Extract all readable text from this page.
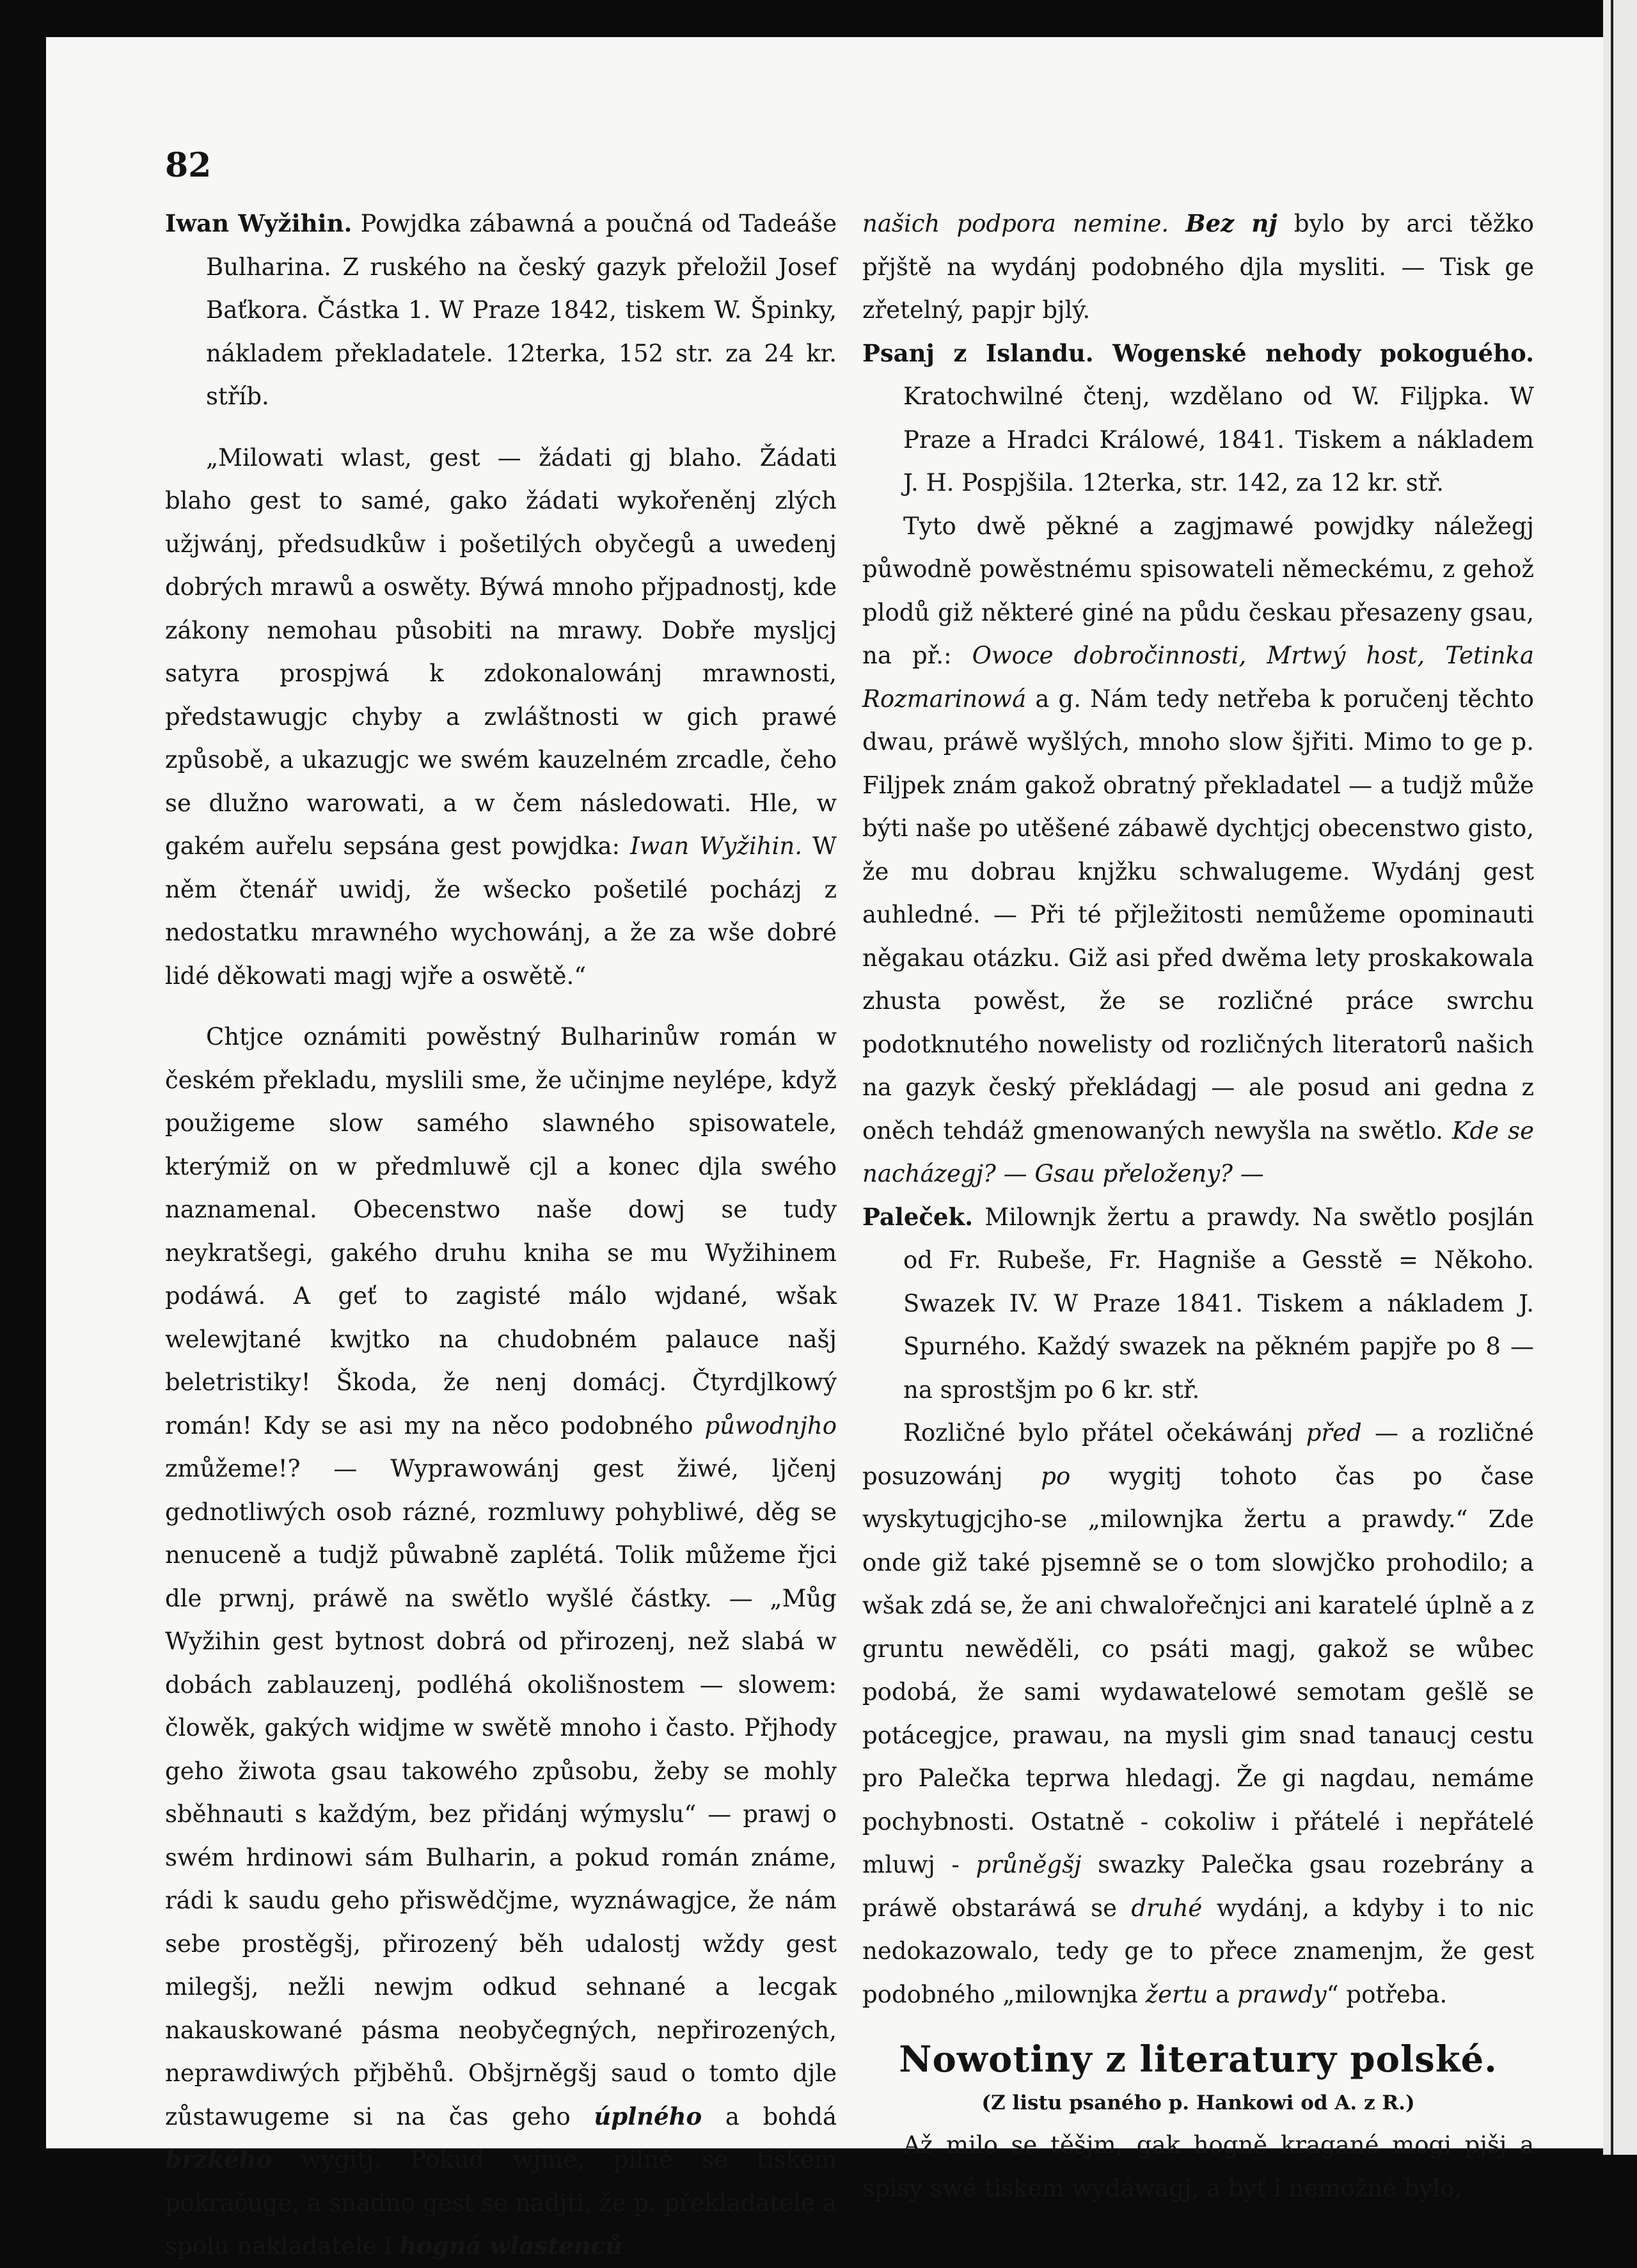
82

Iwan Wyžihin. Powjdka zábawná a poučná od Tadeáše Bulharina. Z ruského na český gazyk přeložil Josef Baťkora. Částka 1. W Praze 1842, tiskem W. Špinky, nákladem překladatele. 12terka, 152 str. za 24 kr. stříb.

„Milowati wlast, gest — žádati gj blaho. Žádati blaho gest to samé, gako žádati wykořeněnj zlých užjwánj, předsudkůw i pošetilých obyčegů a uwedenj dobrých mrawů a oswěty. Býwá mnoho přjpadnostj, kde zákony nemohau působiti na mrawy. Dobře myslјcj satyra prospjwá k zdokonalowánj mrawnosti, předstawugjc chyby a zwláštnosti w gich prawé způsobě, a ukazugjc we swém kauzelném zrcadle, čeho se dlužno warowati, a w čem následowati. Hle, w gakém auřelu sepsána gest powjdka: Iwan Wyžihin. W něm čtenář uwidj, že wšecko pošetilé pocházj z nedostatku mrawného wychowánj, a že za wše dobré lidé děkowati magj wjře a oswětě.“

Chtjce oznámiti powěstný Bulharinůw román w českém překladu, myslili sme, že učinjme neylépe, když použigeme slow samého slawného spisowatele, kterýmiž on w předmluwě cjl a konec djla swého naznamenal. Obecenstwo naše dowj se tudy neykratšegi, gakého druhu kniha se mu Wyžihinem podáwá. A geť to zagisté málo wjdané, wšak welewjtané kwjtko na chudobném palauce našj beletristiky! Škoda, že nenj domácj. Čtyrdjlkowý román! Kdy se asi my na něco podobného půwodnjho zmůžeme!? — Wyprawowánj gest žiwé, ljčenj gednotliwých osob rázné, rozmluwy pohybliwé, děg se nenuceně a tudjž půwabně zaplétá. Tolik můžeme řjci dle prwnj, práwě na swětlo wyšlé částky. — „Můg Wyžihin gest bytnost dobrá od přirozenj, než slabá w dobách zablauzenj, podléhá okolišnostem — slowem: člowěk, gakých widjme w swětě mnoho i často. Přjhody geho žiwota gsau takowého způsobu, žeby se mohly sběhnauti s každým, bez přidánj wýmyslu“ — prawj o swém hrdinowi sám Bulharin, a pokud román známe, rádi k saudu geho přiswědčjme, wyznáwagjce, že nám sebe prostěgšj, přirozený běh udalostj wždy gest milegšj, nežli newjm odkud sehnané a lecgak nakauskowané pásma neobyčegných, nepřirozených, neprawdiwých přjběhů. Obšjrněgšj saud o tomto djle zůstawugeme si na čas geho úplného a bohdá brzkého wygitj. Pokud wjme, pilně se tiskem pokračuge, a snadno gest se nadjti, že p. překladatele a spolu nakladatele i hogná wlastenců

našich podpora nemine. Bez nj bylo by arci těžko přjště na wydánj podobného djla mysliti. — Tisk ge zřetelný, papjr bjlý.

Psanj z Islandu. Wogenské nehody pokoguého. Kratochwilné čtenj, wzdělano od W. Filjpka. W Praze a Hradci Králowé, 1841. Tiskem a nákladem J. H. Pospjšila. 12terka, str. 142, za 12 kr. stř.

Tyto dwě pěkné a zagjmawé powjdky náležegj půwodně powěstnému spisowateli německému, z gehož plodů giž některé giné na půdu českau přesazeny gsau, na př.: Owoce dobročinnosti, Mrtwý host, Tetinka Rozmarinowá a g. Nám tedy netřeba k poručenj těchto dwau, práwě wyšlých, mnoho slow šjřiti. Mimo to ge p. Filjpek znám gakož obratný překladatel — a tudjž může býti naše po utěšené zábawě dychtjcj obecenstwo gisto, že mu dobrau knjžku schwalugeme. Wydánj gest auhledné. — Při té přjležitosti nemůžeme opominauti něgakau otázku. Giž asi před dwěma lety proskakowala zhusta powěst, že se rozličné práce swrchu podotknutého nowelisty od rozličných literatorů našich na gazyk český překládagj — ale posud ani gedna z oněch tehdáž gmenowaných newyšla na swětlo. Kde se nacházegj? — Gsau přeloženy? —

Paleček. Milownjk žertu a prawdy. Na swětlo posjlán od Fr. Rubeše, Fr. Hagniše a Gesstě = Někoho. Swazek IV. W Praze 1841. Tiskem a nákladem J. Spurného. Každý swazek na pěkném papjře po 8 — na sprostšjm po 6 kr. stř.

Rozličné bylo přátel očekáwánj před — a rozličné posuzowánj po wygitj tohoto čas po čase wyskytugjcjho-se „milownjka žertu a prawdy.“ Zde onde giž také pjsemně se o tom slowjčko prohodilo; a wšak zdá se, že ani chwalořečnjci ani karatelé úplně a z gruntu newěděli, co psáti magj, gakož se wůbec podobá, že sami wydawatelowé semotam gešlě se potácegjce, prawau, na mysli gim snad tanaucj cestu pro Palečka teprwa hledagj. Že gi nagdau, nemáme pochybnosti. Ostatně - cokoliw i přátelé i nepřátelé mluwj - průněgšj swazky Palečka gsau rozebrány a práwě obstaráwá se druhé wydánj, a kdyby i to nic nedokazowalo, tedy ge to přece znamenjm, že gest podobného „milownjka žertu a prawdy“ potřeba.

Nowotiny z literatury polské.
(Z listu psaného p. Hankowi od A. z R.)

Až milo se těšjm, gak hogně kragané mogi pjšj a spisy swé tiskem wydáwagj, a byť i nemožné bylo,
